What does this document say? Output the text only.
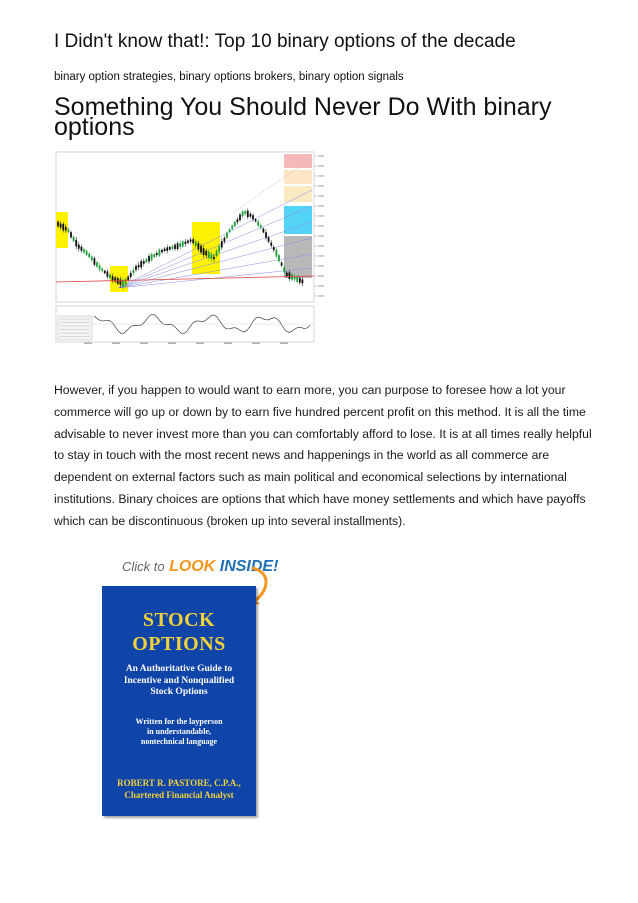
I Didn't know that!: Top 10 binary options of the decade
binary option strategies, binary options brokers, binary option signals
Something You Should Never Do With binary options
However, if you happen to would want to earn more, you can purpose to foresee how a lot your commerce will go up or down by to earn five hundred percent profit on this method. It is all the time advisable to never invest more than you can comfortably afford to lose. It is at all times really helpful to stay in touch with the most recent news and happenings in the world as all commerce are dependent on external factors such as main political and economical selections by international institutions. Binary choices are options that which have money settlements and which have payoffs which can be discontinuous (broken up into several installments).
Click to LOOK INSIDE!
STOCK
OPTIONS
An Authoritative Guide to
Incentive and Nonqualified
Stock Options
Written for the layperson
in understandable,
nontechnical language
ROBERT R. PASTORE, C.P.A.,
Chartered Financial Analyst
